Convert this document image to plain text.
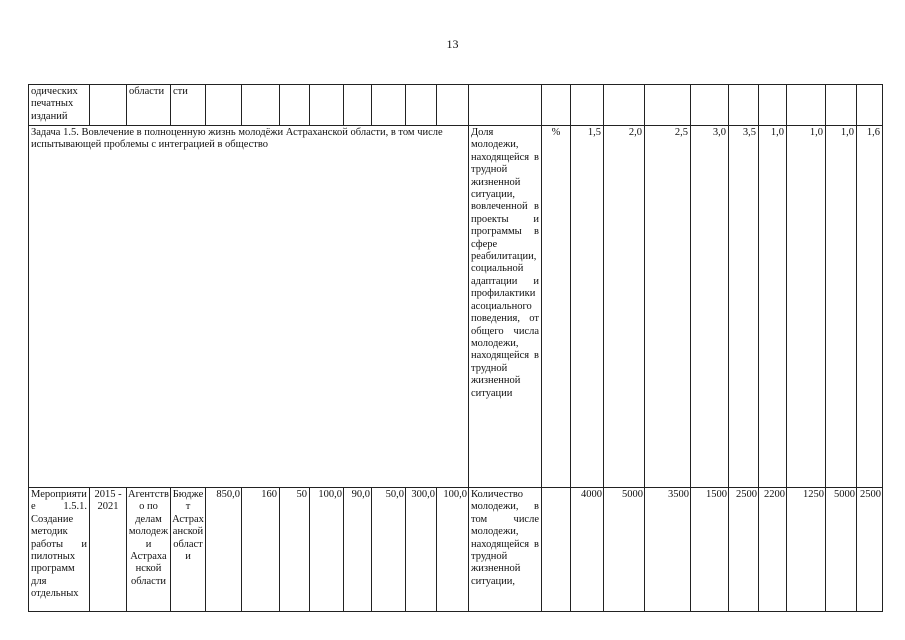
13
одических печатных изданий		области	сти																			
Задача 1.5. Вовлечение в полноценную жизнь молодёжи Астраханской области, в том числе испытывающей проблемы с интеграцией в общество												Доля молодежи, находящейся в трудной жизненной ситуации, вовлеченной в проекты и программы в сфере реабилитации, социальной адаптации и профилактики асоциального поведения, от общего числа молодежи, находящейся в трудной жизненной ситуации	%	1,5	2,0	2,5	3,0	3,5	1,0	1,0	1,0	1,6
Мероприятие 1.5.1. Создание методик работы и пилотных программ для отдельных	2015 - 2021	Агентство по делам молодежи Астраханской области	Бюджет Астраханской области	850,0	160	50	100,0	90,0	50,0	300,0	100,0	Количество молодежи, в том числе молодежи, находящейся в трудной жизненной ситуации,		4000	5000	3500	1500	2500	2200	1250	5000	2500
